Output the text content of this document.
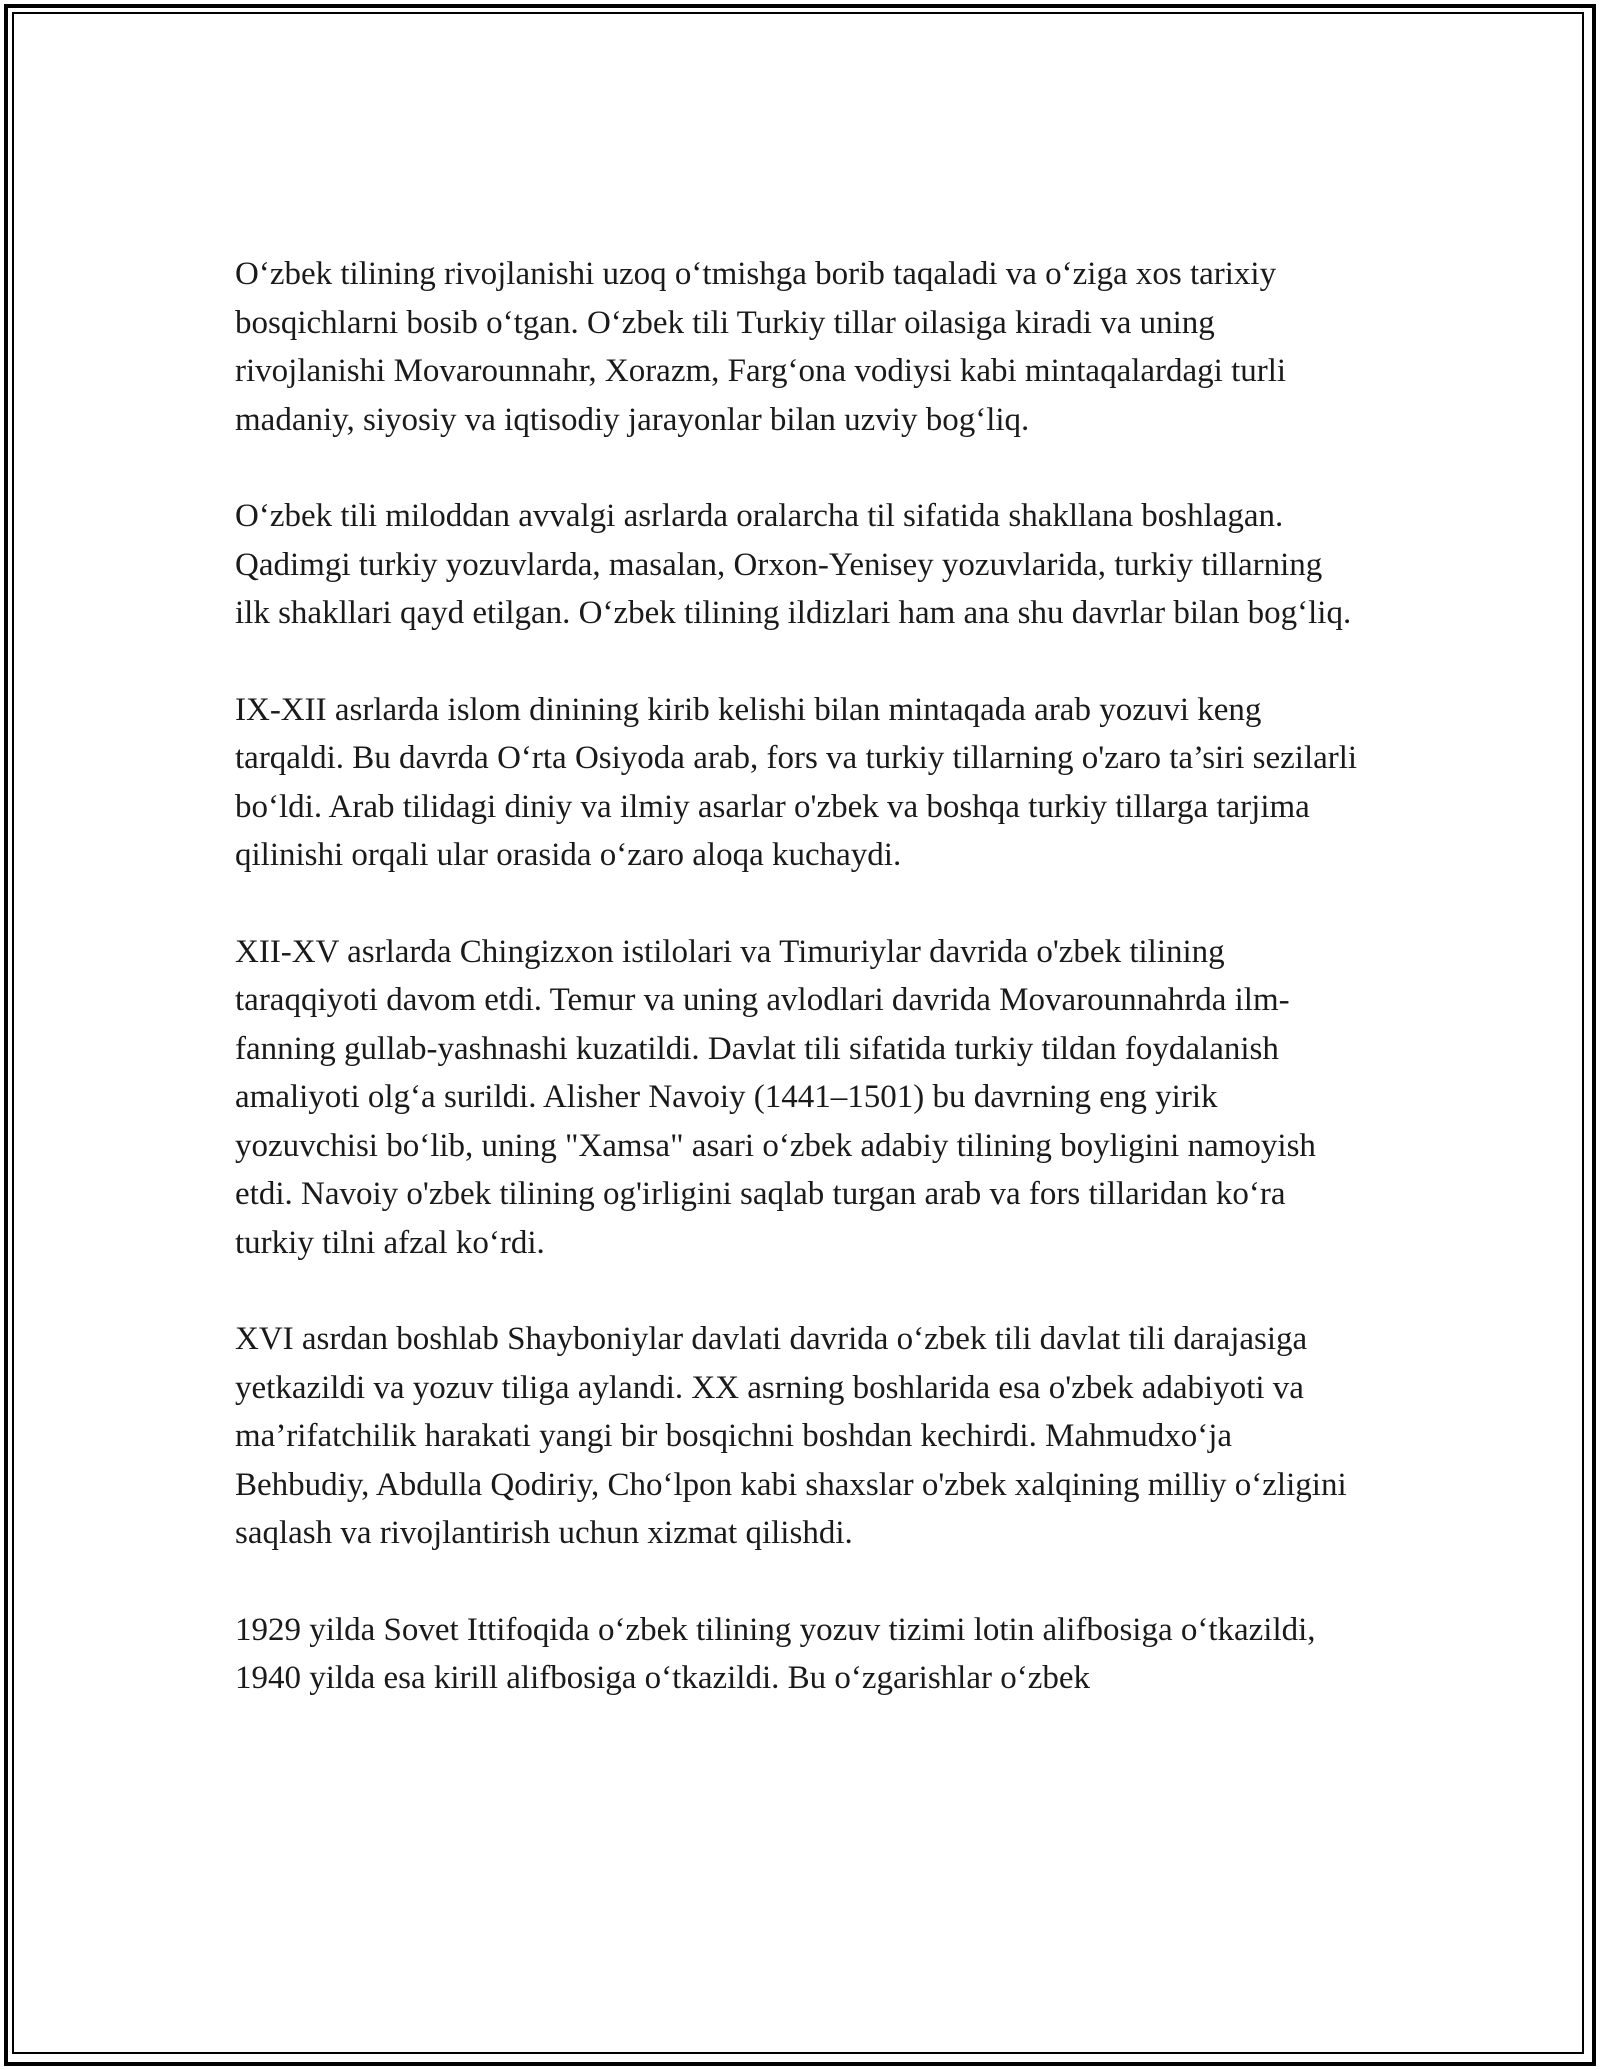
O‘zbek tilining rivojlanishi uzoq o‘tmishga borib taqaladi va o‘ziga xos tarixiy bosqichlarni bosib o‘tgan. O‘zbek tili Turkiy tillar oilasiga kiradi va uning rivojlanishi Movarounnahr, Xorazm, Farg‘ona vodiysi kabi mintaqalardagi turli madaniy, siyosiy va iqtisodiy jarayonlar bilan uzviy bog‘liq.

O‘zbek tili miloddan avvalgi asrlarda oralarcha til sifatida shakllana boshlagan. Qadimgi turkiy yozuvlarda, masalan, Orxon-Yenisey yozuvlarida, turkiy tillarning ilk shakllari qayd etilgan. O‘zbek tilining ildizlari ham ana shu davrlar bilan bog‘liq.

IX-XII asrlarda islom dinining kirib kelishi bilan mintaqada arab yozuvi keng tarqaldi. Bu davrda O‘rta Osiyoda arab, fors va turkiy tillarning o'zaro ta’siri sezilarli bo‘ldi. Arab tilidagi diniy va ilmiy asarlar o'zbek va boshqa turkiy tillarga tarjima qilinishi orqali ular orasida o‘zaro aloqa kuchaydi.

XII-XV asrlarda Chingizxon istilolari va Timuriylar davrida o'zbek tilining taraqqiyoti davom etdi. Temur va uning avlodlari davrida Movarounnahrda ilm-fanning gullab-yashnashi kuzatildi. Davlat tili sifatida turkiy tildan foydalanish amaliyoti olg‘a surildi. Alisher Navoiy (1441–1501) bu davrning eng yirik yozuvchisi bo‘lib, uning "Xamsa" asari o‘zbek adabiy tilining boyligini namoyish etdi. Navoiy o'zbek tilining og'irligini saqlab turgan arab va fors tillaridan ko‘ra turkiy tilni afzal ko‘rdi.

XVI asrdan boshlab Shayboniylar davlati davrida o‘zbek tili davlat tili darajasiga yetkazildi va yozuv tiliga aylandi. XX asrning boshlarida esa o'zbek adabiyoti va ma’rifatchilik harakati yangi bir bosqichni boshdan kechirdi. Mahmudxo‘ja Behbudiy, Abdulla Qodiriy, Cho‘lpon kabi shaxslar o'zbek xalqining milliy o‘zligini saqlash va rivojlantirish uchun xizmat qilishdi.

1929 yilda Sovet Ittifoqida o‘zbek tilining yozuv tizimi lotin alifbosiga o‘tkazildi, 1940 yilda esa kirill alifbosiga o‘tkazildi. Bu o‘zgarishlar o‘zbek
